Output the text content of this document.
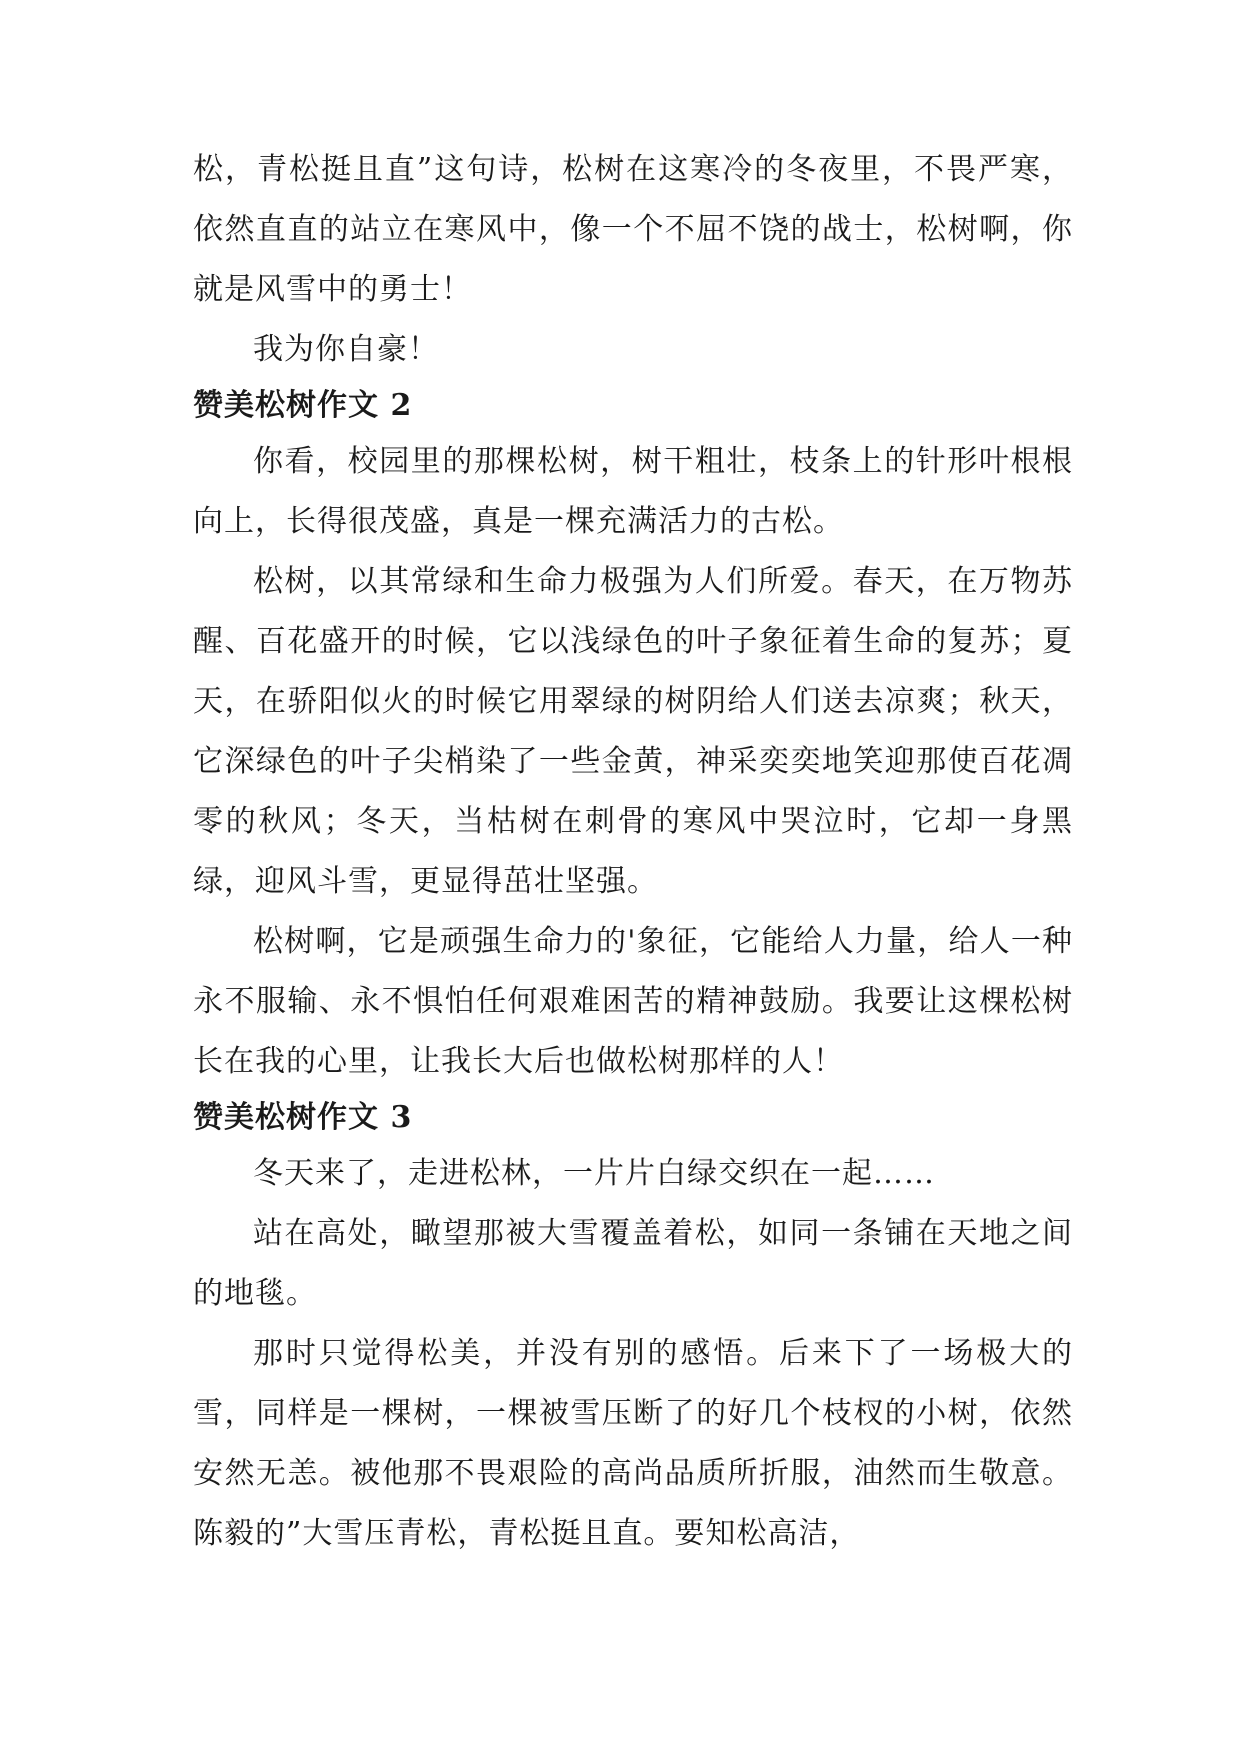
松，青松挺且直”这句诗，松树在这寒冷的冬夜里，不畏严寒，依然直直的站立在寒风中，像一个不屈不饶的战士，松树啊，你就是风雪中的勇士！

我为你自豪！

赞美松树作文 2

你看，校园里的那棵松树，树干粗壮，枝条上的针形叶根根向上，长得很茂盛，真是一棵充满活力的古松。

松树，以其常绿和生命力极强为人们所爱。春天，在万物苏醒、百花盛开的时候，它以浅绿色的叶子象征着生命的复苏；夏天，在骄阳似火的时候它用翠绿的树阴给人们送去凉爽；秋天，它深绿色的叶子尖梢染了一些金黄，神采奕奕地笑迎那使百花凋零的秋风；冬天，当枯树在刺骨的寒风中哭泣时，它却一身黑绿，迎风斗雪，更显得茁壮坚强。

松树啊，它是顽强生命力的'象征，它能给人力量，给人一种永不服输、永不惧怕任何艰难困苦的精神鼓励。我要让这棵松树长在我的心里，让我长大后也做松树那样的人！

赞美松树作文 3

冬天来了，走进松林，一片片白绿交织在一起……

站在高处，瞰望那被大雪覆盖着松，如同一条铺在天地之间的地毯。

那时只觉得松美，并没有别的感悟。后来下了一场极大的雪，同样是一棵树，一棵被雪压断了的好几个枝杈的小树，依然安然无恙。被他那不畏艰险的高尚品质所折服，油然而生敬意。陈毅的”大雪压青松，青松挺且直。要知松高洁，
